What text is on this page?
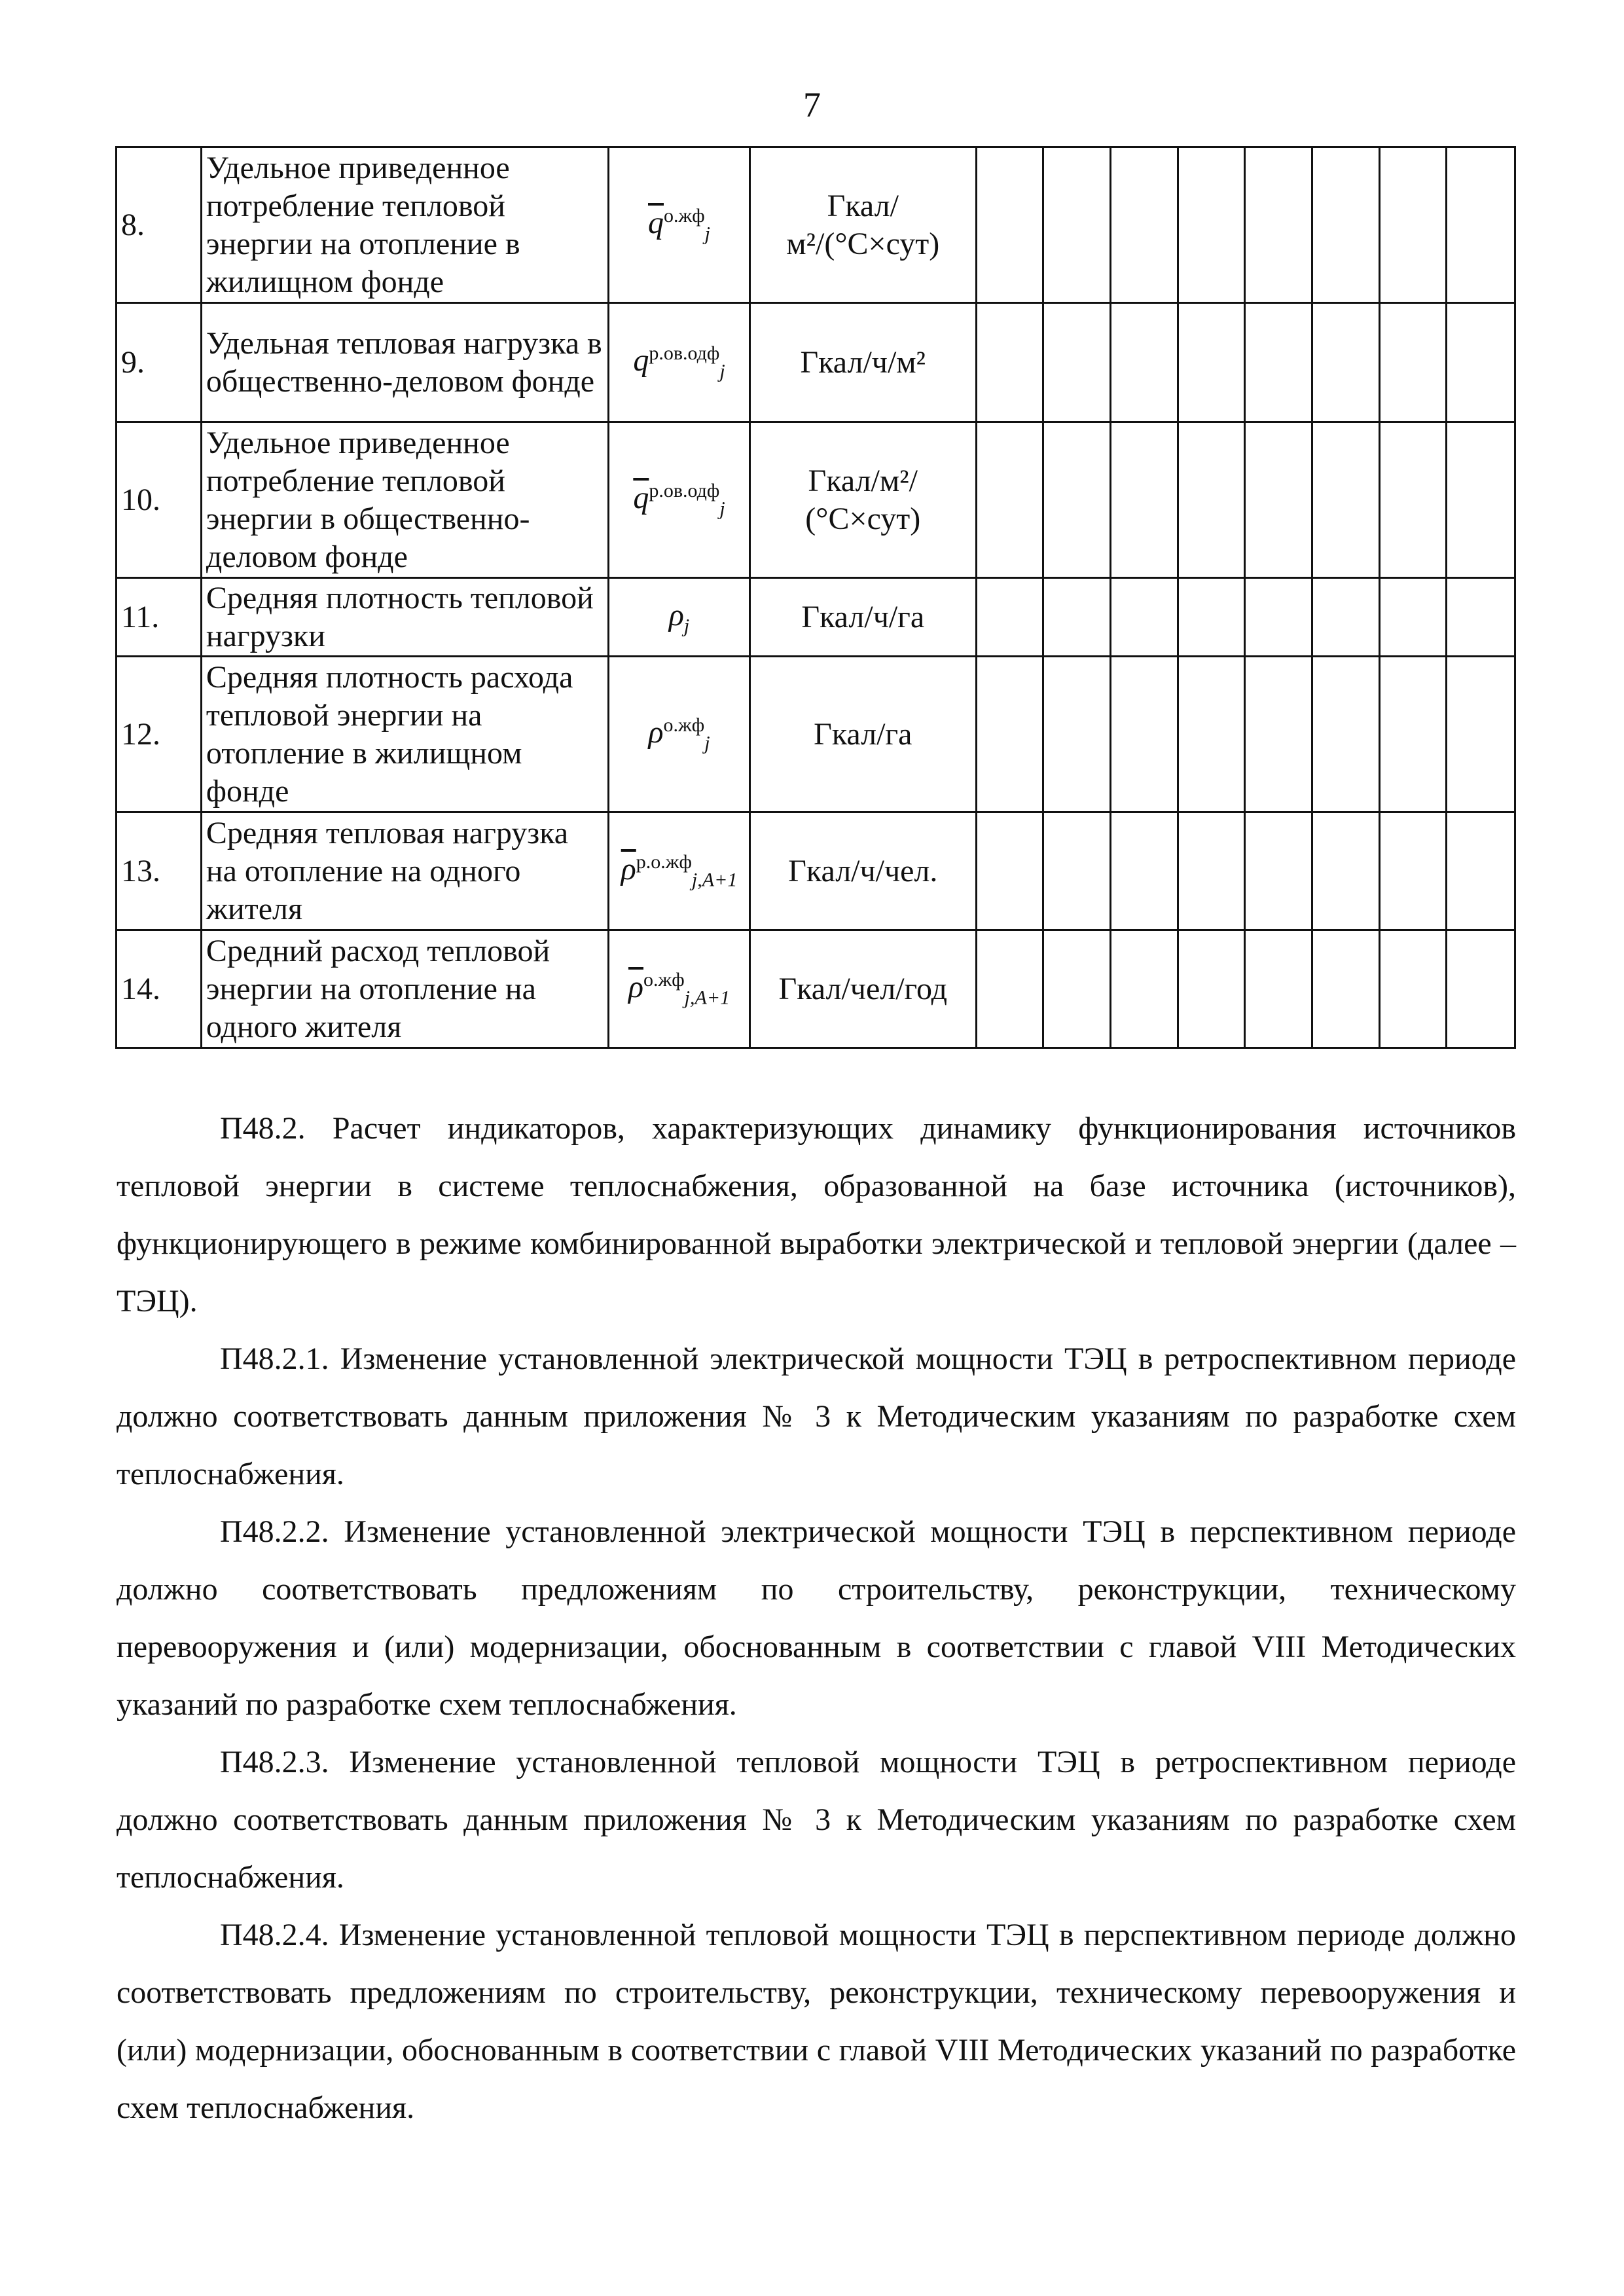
7
8.	Удельное приведенное потребление тепловой энергии на отопление в жилищном фонде	$\overline{q}^{о.жф}_j$	Гкал/м²/(°С×сут)								
9.	Удельная тепловая нагрузка в общественно-деловом фонде	$q^{р.ов.одф}_j$	Гкал/ч/м²								
10.	Удельное приведенное потребление тепловой энергии в общественно-деловом фонде	$\overline{q}^{р.ов.одф}_j$	Гкал/м²/ (°С×сут)								
11.	Средняя плотность тепловой нагрузки	$\rho_j$	Гкал/ч/га								
12.	Средняя плотность расхода тепловой энергии на отопление в жилищном фонде	$\rho^{о.жф}_j$	Гкал/га								
13.	Средняя тепловая нагрузка на отопление на одного жителя	$\overline{\rho}^{р.о.жф}_{j,A+1}$	Гкал/ч/чел.								
14.	Средний расход тепловой энергии на отопление на одного жителя	$\overline{\rho}^{о.жф}_{j,A+1}$	Гкал/чел/год								

П48.2. Расчет индикаторов, характеризующих динамику функционирования источников тепловой энергии в системе теплоснабжения, образованной на базе источника (источников), функционирующего в режиме комбинированной выработки электрической и тепловой энергии (далее – ТЭЦ).

П48.2.1. Изменение установленной электрической мощности ТЭЦ в ретроспективном периоде должно соответствовать данным приложения № 3 к Методическим указаниям по разработке схем теплоснабжения.

П48.2.2. Изменение установленной электрической мощности ТЭЦ в перспективном периоде должно соответствовать предложениям по строительству, реконструкции, техническому перевооружения и (или) модернизации, обоснованным в соответствии с главой VIII Методических указаний по разработке схем теплоснабжения.

П48.2.3. Изменение установленной тепловой мощности ТЭЦ в ретроспективном периоде должно соответствовать данным приложения № 3 к Методическим указаниям по разработке схем теплоснабжения.

П48.2.4. Изменение установленной тепловой мощности ТЭЦ в перспективном периоде должно соответствовать предложениям по строительству, реконструкции, техническому перевооружения и (или) модернизации, обоснованным в соответствии с главой VIII Методических указаний по разработке схем теплоснабжения.
